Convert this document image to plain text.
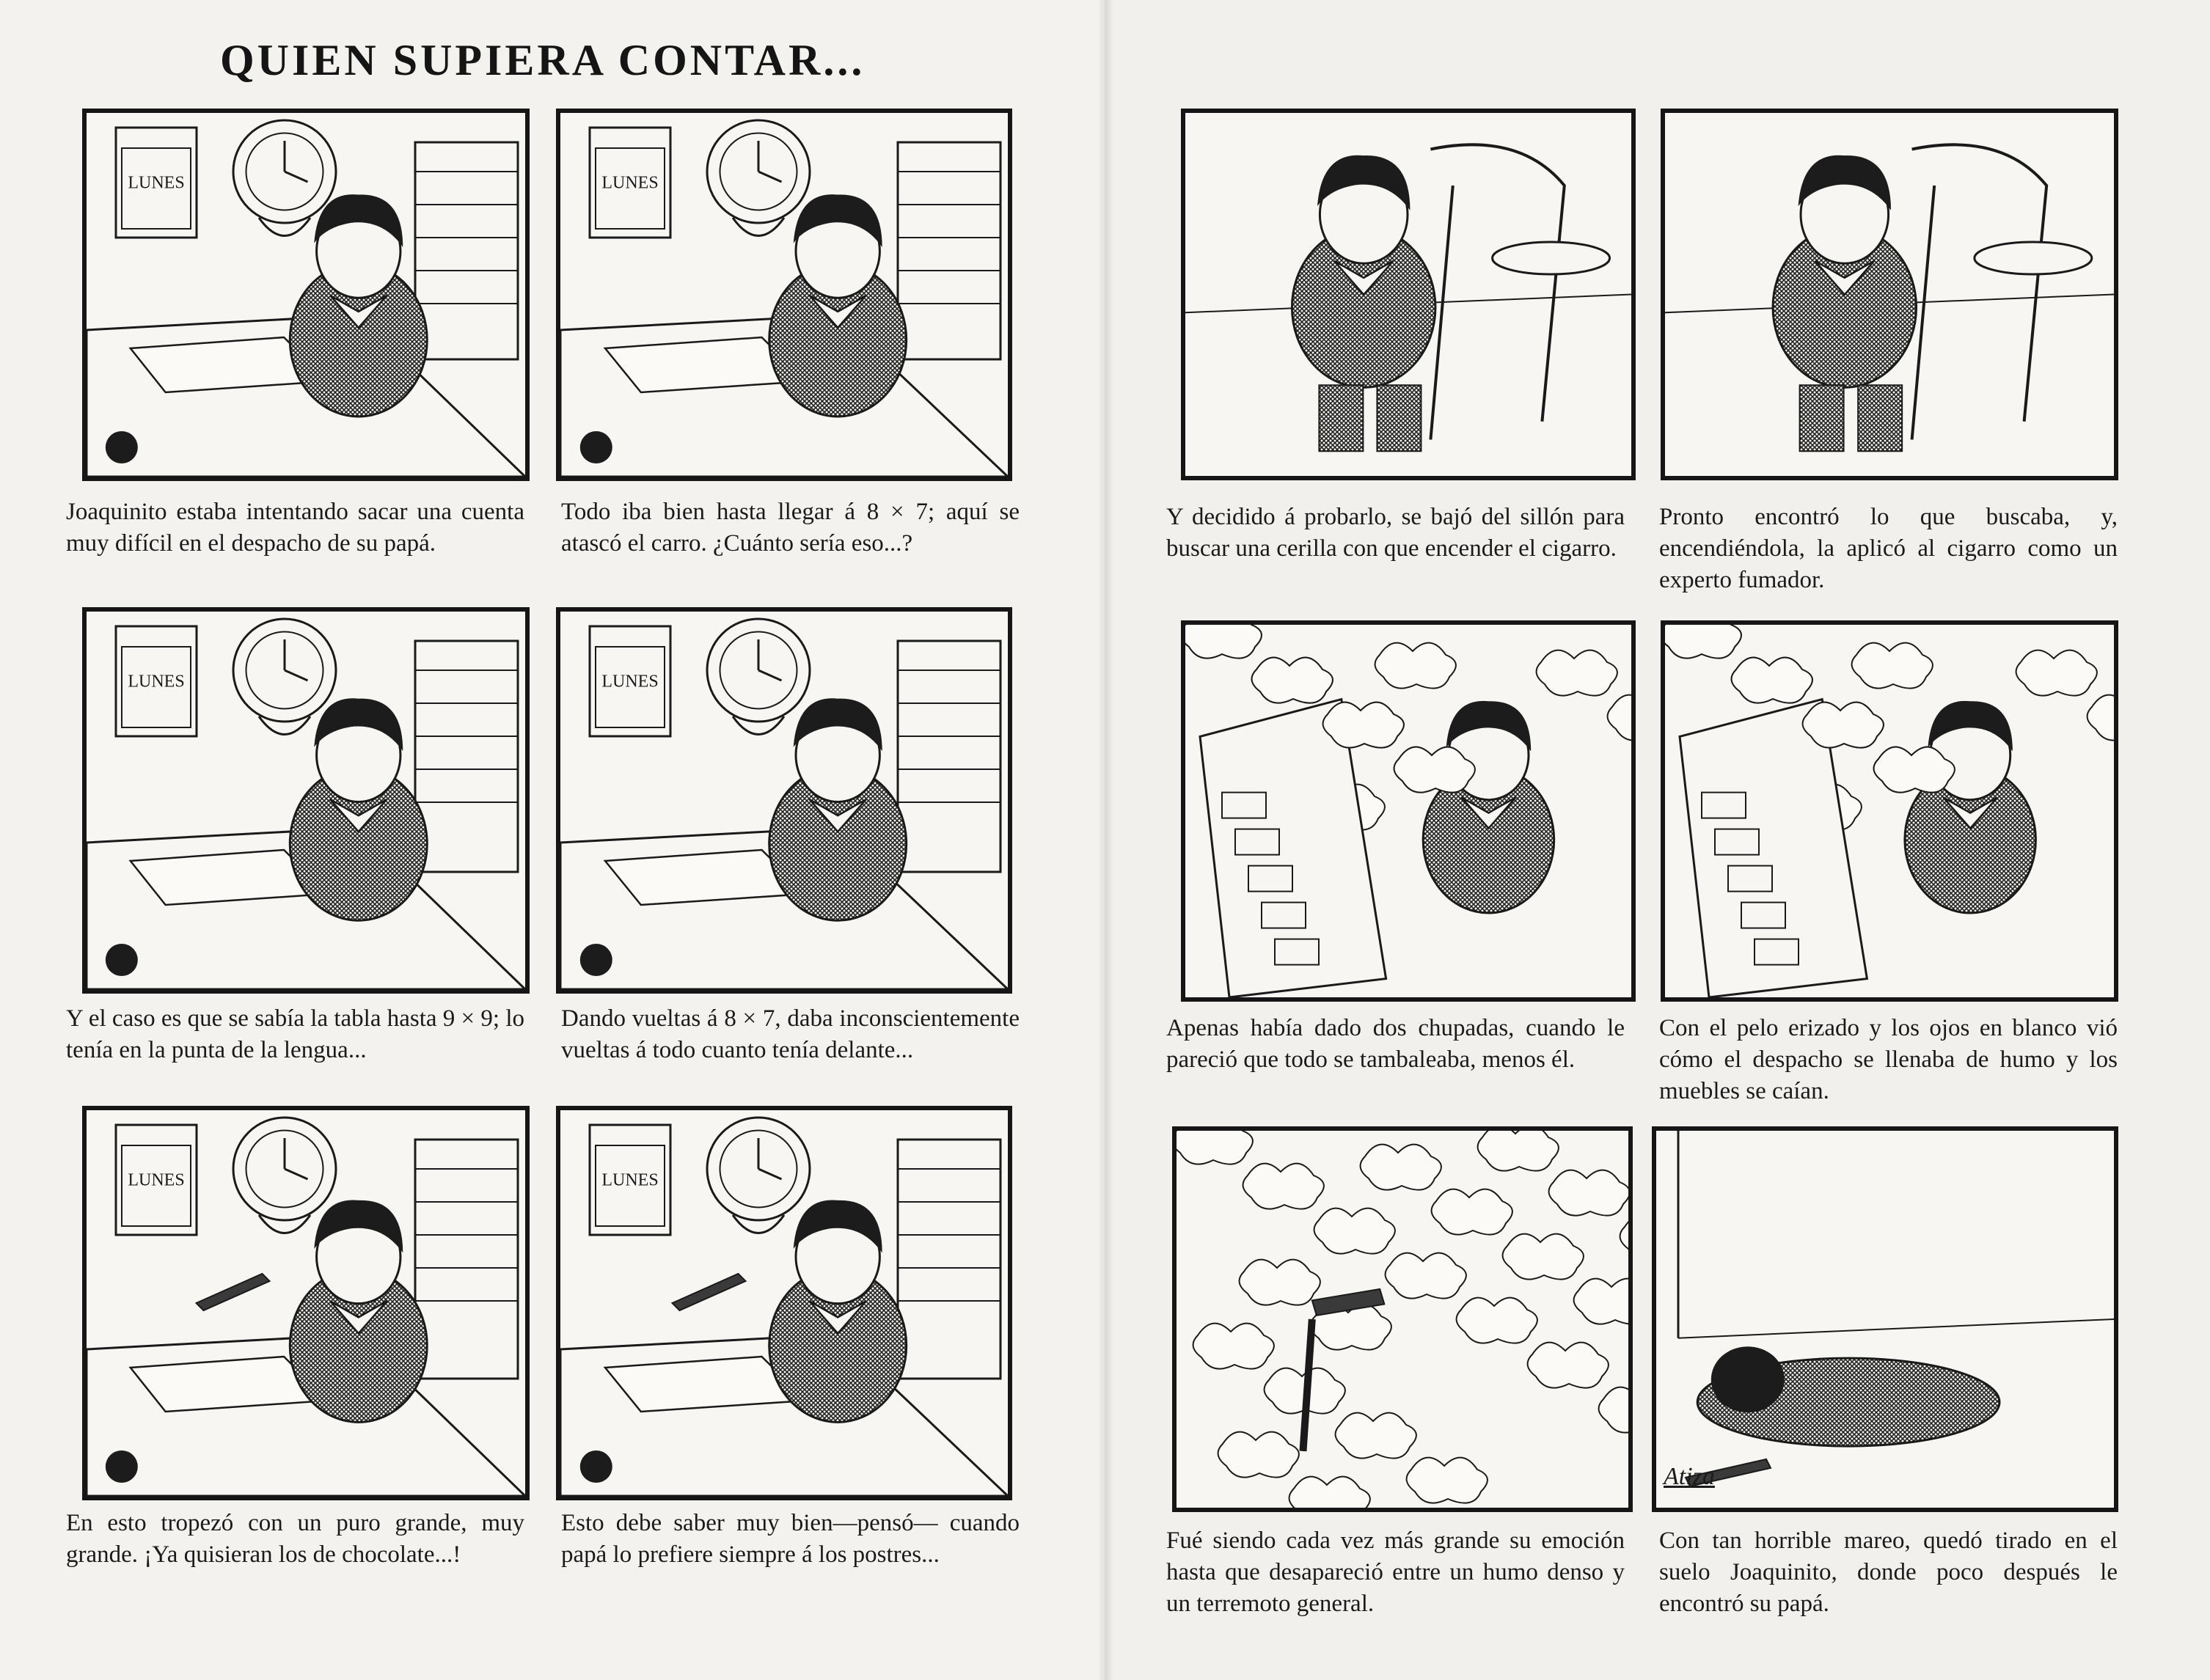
QUIEN SUPIERA CONTAR...
LUNES
Joaquinito estaba intentando sacar una cuenta muy difícil en el despacho de su papá.
LUNES
Todo iba bien hasta llegar á 8 × 7; aquí se atascó el carro. ¿Cuánto sería eso...?
LUNES
Y el caso es que se sabía la tabla hasta 9 × 9; lo tenía en la punta de la lengua...
LUNES
Dando vueltas á 8 × 7, daba inconscientemente vueltas á todo cuanto tenía delante...
LUNES
En esto tropezó con un puro grande, muy grande. ¡Ya quisieran los de chocolate...!
LUNES
Esto debe saber muy bien—pensó— cuando papá lo prefiere siempre á los postres...
Y decidido á probarlo, se bajó del sillón para buscar una cerilla con que encender el cigarro.
Pronto encontró lo que buscaba, y, encendiéndola, la aplicó al cigarro como un experto fumador.
Apenas había dado dos chupadas, cuando le pareció que todo se tambaleaba, menos él.
Con el pelo erizado y los ojos en blanco vió cómo el despacho se llenaba de humo y los muebles se caían.
Fué siendo cada vez más grande su emoción hasta que desapareció entre un humo denso y un terremoto general.
Con tan horrible mareo, quedó tirado en el suelo Joaquinito, donde poco después le encontró su papá.
Atiza
